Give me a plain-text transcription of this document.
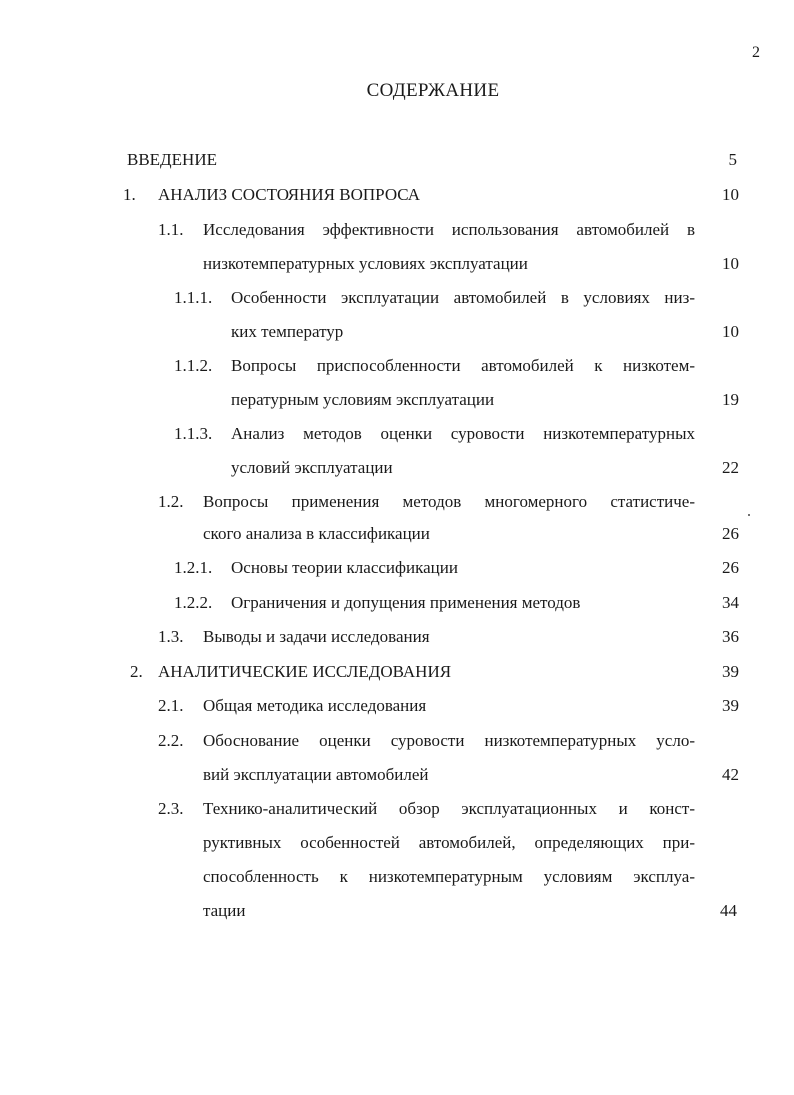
2
СОДЕРЖАНИЕ
ВВЕДЕНИЕ	5
1. АНАЛИЗ СОСТОЯНИЯ ВОПРОСА	10
1.1. Исследования эффективности использования автомобилей в
низкотемпературных условиях эксплуатации	10
1.1.1. Особенности эксплуатации автомобилей в условиях низ-
ких температур	10
1.1.2. Вопросы приспособленности автомобилей к низкотем-
пературным условиям эксплуатации	19
1.1.3. Анализ методов оценки суровости низкотемпературных
условий эксплуатации	22
1.2. Вопросы применения методов многомерного статистиче-
ского анализа в классификации	26
1.2.1. Основы теории классификации	26
1.2.2. Ограничения и допущения применения методов	34
1.3. Выводы и задачи исследования	36
2. АНАЛИТИЧЕСКИЕ ИССЛЕДОВАНИЯ	39
2.1. Общая методика исследования	39
2.2. Обоснование оценки суровости низкотемпературных усло-
вий эксплуатации автомобилей	42
2.3. Технико-аналитический обзор эксплуатационных и конст-
руктивных особенностей автомобилей, определяющих при-
способленность к низкотемпературным условиям эксплуа-
тации	44
